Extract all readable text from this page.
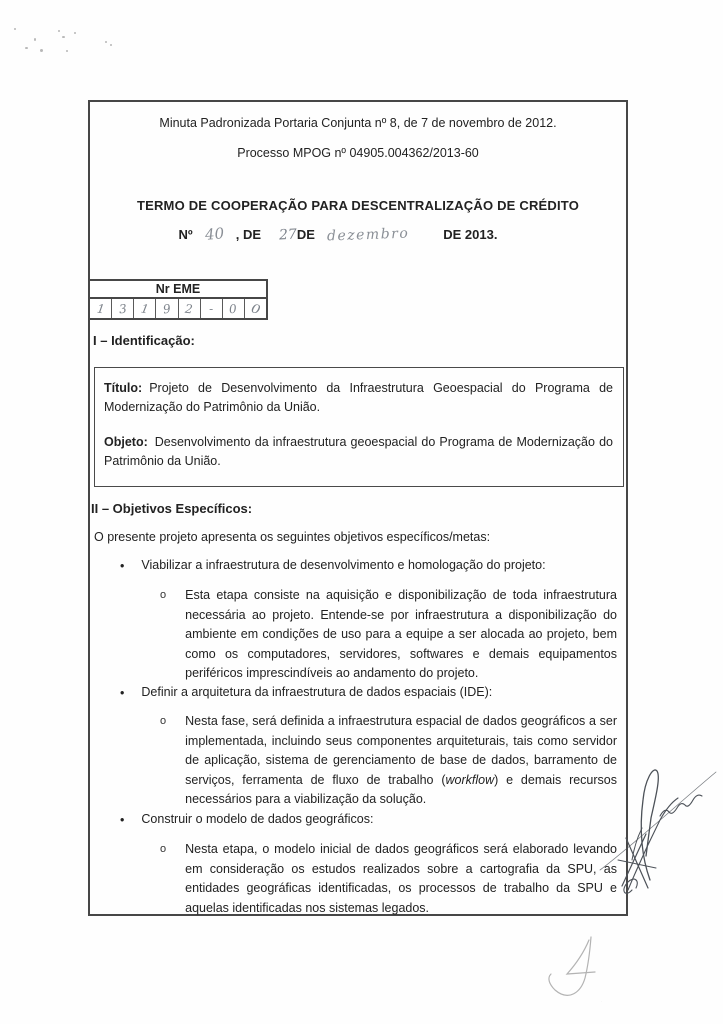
Minuta Padronizada Portaria Conjunta nº 8, de 7 de novembro de 2012.
Processo MPOG nº 04905.004362/2013-60
TERMO DE COOPERAÇÃO PARA DESCENTRALIZAÇÃO DE CRÉDITO
Nº 40 , DE 27 DE dezembro	DE 2013.
Nr EME
1 3 1 9 2 - 0 0
I – Identificação:

Título: Projeto de Desenvolvimento da Infraestrutura Geoespacial do Programa de Modernização do Patrimônio da União.

Objeto: Desenvolvimento da infraestrutura geoespacial do Programa de Modernização do Patrimônio da União.

II – Objetivos Específicos:
O presente projeto apresenta os seguintes objetivos específicos/metas:
• Viabilizar a infraestrutura de desenvolvimento e homologação do projeto:
o Esta etapa consiste na aquisição e disponibilização de toda infraestrutura necessária ao projeto. Entende-se por infraestrutura a disponibilização do ambiente em condições de uso para a equipe a ser alocada ao projeto, bem como os computadores, servidores, softwares e demais equipamentos periféricos imprescindíveis ao andamento do projeto.

• Definir a arquitetura da infraestrutura de dados espaciais (IDE):
o Nesta fase, será definida a infraestrutura espacial de dados geográficos a ser implementada, incluindo seus componentes arquiteturais, tais como servidor de aplicação, sistema de gerenciamento de base de dados, barramento de serviços, ferramenta de fluxo de trabalho (workflow) e demais recursos necessários para a viabilização da solução.

• Construir o modelo de dados geográficos:
o Nesta etapa, o modelo inicial de dados geográficos será elaborado levando em consideração os estudos realizados sobre a cartografia da SPU, as entidades geográficas identificadas, os processos de trabalho da SPU e aquelas identificadas nos sistemas legados.

4
